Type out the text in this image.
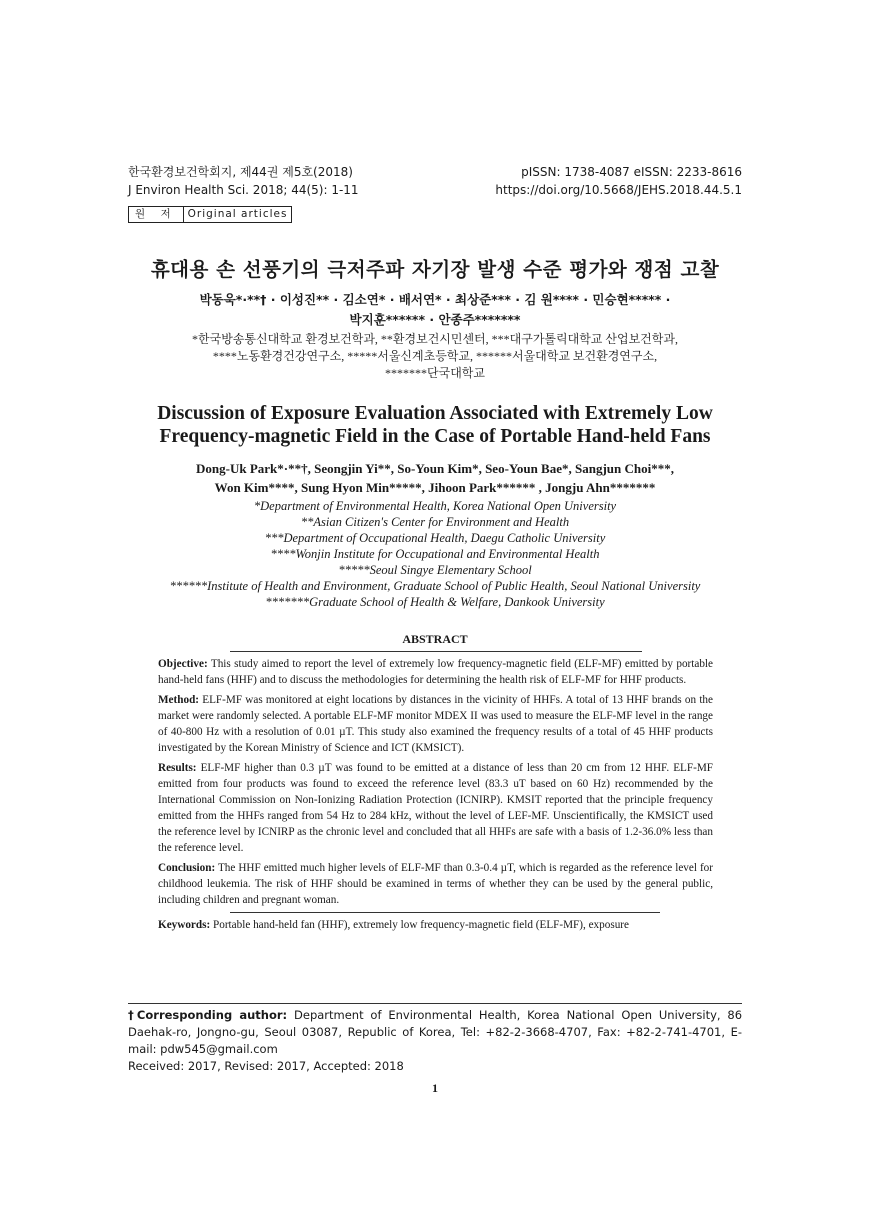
한국환경보건학회지, 제44권 제5호(2018)
J Environ Health Sci. 2018; 44(5): 1-11
pISSN: 1738-4087 eISSN: 2233-8616
https://doi.org/10.5668/JEHS.2018.44.5.1
원 저	Original articles
휴대용 손 선풍기의 극저주파 자기장 발생 수준 평가와 쟁점 고찰
박동욱*·**† · 이성진** · 김소연* · 배서연* · 최상준*** · 김 원**** · 민승현***** ·
박지훈****** · 안종주*******
*한국방송통신대학교 환경보건학과, **환경보건시민센터, ***대구가톨릭대학교 산업보건학과,
****노동환경건강연구소, *****서울신계초등학교, ******서울대학교 보건환경연구소,
*******단국대학교
Discussion of Exposure Evaluation Associated with Extremely Low
Frequency-magnetic Field in the Case of Portable Hand-held Fans
Dong-Uk Park*·**†, Seongjin Yi**, So-Youn Kim*, Seo-Youn Bae*, Sangjun Choi***,
Won Kim****, Sung Hyon Min*****, Jihoon Park****** , Jongju Ahn*******
*Department of Environmental Health, Korea National Open University
**Asian Citizen's Center for Environment and Health
***Department of Occupational Health, Daegu Catholic University
****Wonjin Institute for Occupational and Environmental Health
*****Seoul Singye Elementary School
******Institute of Health and Environment, Graduate School of Public Health, Seoul National University
*******Graduate School of Health & Welfare, Dankook University
ABSTRACT

Objective: This study aimed to report the level of extremely low frequency-magnetic field (ELF-MF) emitted by portable hand-held fans (HHF) and to discuss the methodologies for determining the health risk of ELF-MF for HHF products.

Method: ELF-MF was monitored at eight locations by distances in the vicinity of HHFs. A total of 13 HHF brands on the market were randomly selected. A portable ELF-MF monitor MDEX II was used to measure the ELF-MF level in the range of 40-800 Hz with a resolution of 0.01 µT. This study also examined the frequency results of a total of 45 HHF products investigated by the Korean Ministry of Science and ICT (KMSICT).

Results: ELF-MF higher than 0.3 µT was found to be emitted at a distance of less than 20 cm from 12 HHF. ELF-MF emitted from four products was found to exceed the reference level (83.3 uT based on 60 Hz) recommended by the International Commission on Non-Ionizing Radiation Protection (ICNIRP). KMSIT reported that the principle frequency emitted from the HHFs ranged from 54 Hz to 284 kHz, without the level of LEF-MF. Unscientifically, the KMSICT used the reference level by ICNIRP as the chronic level and concluded that all HHFs are safe with a basis of 1.2-36.0% less than the reference level.

Conclusion: The HHF emitted much higher levels of ELF-MF than 0.3-0.4 µT, which is regarded as the reference level for childhood leukemia. The risk of HHF should be examined in terms of whether they can be used by the general public, including children and pregnant woman.

Keywords: Portable hand-held fan (HHF), extremely low frequency-magnetic field (ELF-MF), exposure

†Corresponding author: Department of Environmental Health, Korea National Open University, 86 Daehak-ro, Jongno-gu, Seoul 03087, Republic of Korea, Tel: +82-2-3668-4707, Fax: +82-2-741-4701, E-mail: pdw545@gmail.com
Received: 2017, Revised: 2017, Accepted: 2018
1
